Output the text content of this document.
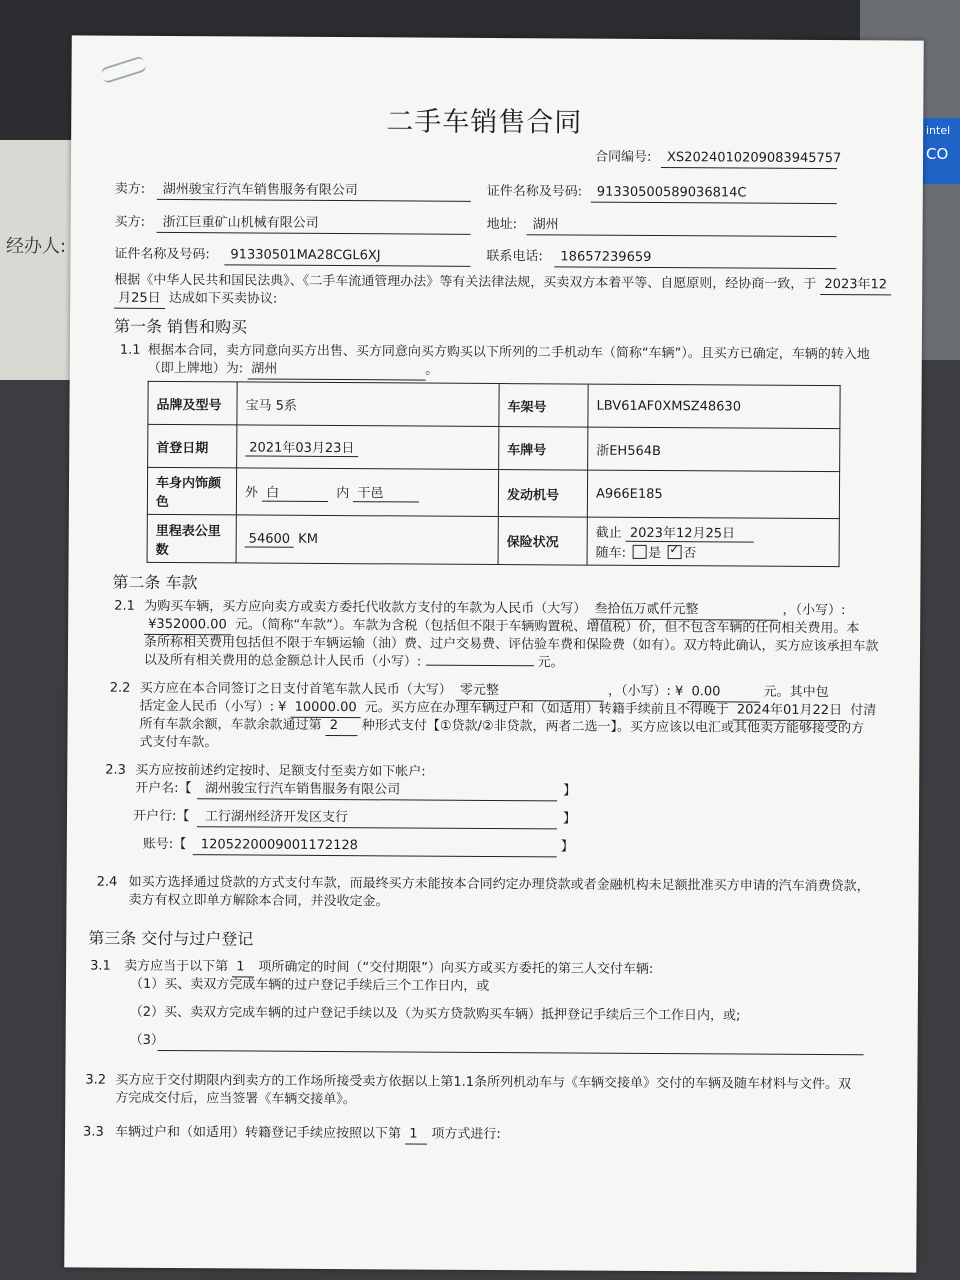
intel
CO
经办人:
二手车销售合同
合同编号: XS2024010209083945757
卖方: 湖州骏宝行汽车销售服务有限公司	证件名称及号码: 91330500589036814C
买方: 浙江巨重矿山机械有限公司	地址: 湖州
证件名称及号码: 91330501MA28CGL6XJ	联系电话: 18657239659
根据《中华人民共和国民法典》、《二手车流通管理办法》等有关法律法规，买卖双方本着平等、自愿原则，经协商一致，于 2023年12
月25日 达成如下买卖协议:
第一条 销售和购买
1.1 根据本合同，卖方同意向买方出售、买方同意向买方购买以下所列的二手机动车（简称“车辆”）。且买方已确定，车辆的转入地
（即上牌地）为: 湖州	。
品牌及型号	宝马 5系	车架号	LBV61AF0XMSZ48630
首登日期	2021年03月23日	车牌号	浙EH564B
车身内饰颜
色	外 白 内 干邑	发动机号	A966E185
里程表公里
数	54600 KM	保险状况	截止 2023年12月25日
随车: 是 ✓ 否
第二条 车款
2.1 为购买车辆，买方应向卖方或卖方委托代收款方支付的车款为人民币（大写） 叁拾伍万贰仟元整	，（小写）:
¥352000.00 元。（简称“车款”）。车款为含税（包括但不限于车辆购置税、增值税）价，但不包含车辆的任何相关费用。本
条所称相关费用包括但不限于车辆运输（油）费、过户交易费、评估验车费和保险费（如有）。双方特此确认，买方应该承担车款
以及所有相关费用的总金额总计人民币（小写）:	元。
2.2 买方应在本合同签订之日支付首笔车款人民币（大写） 零元整	，（小写）: ¥ 0.00	元。其中包
括定金人民币（小写）: ¥ 10000.00 元。买方应在办理车辆过户和（如适用）转籍手续前且不得晚于 2024年01月22日 付清
所有车款余额，车款余款通过第 2 种形式支付【①贷款/②非贷款，两者二选一】。买方应该以电汇或其他卖方能够接受的方
式支付车款。
2.3 买方应按前述约定按时、足额支付至卖方如下帐户:
开户名:【 湖州骏宝行汽车销售服务有限公司	】
开户行:【 工行湖州经济开发区支行	】
账号:【 1205220009001172128	】
2.4 如买方选择通过贷款的方式支付车款，而最终买方未能按本合同约定办理贷款或者金融机构未足额批准买方申请的汽车消费贷款，
卖方有权立即单方解除本合同，并没收定金。
第三条 交付与过户登记
3.1 卖方应当于以下第 1 项所确定的时间（“交付期限”）向买方或买方委托的第三人交付车辆:
（1）买、卖双方完成车辆的过户登记手续后三个工作日内，或
（2）买、卖双方完成车辆的过户登记手续以及（为买方贷款购买车辆）抵押登记手续后三个工作日内，或;
（3）
3.2 买方应于交付期限内到卖方的工作场所接受卖方依据以上第1.1条所列机动车与《车辆交接单》交付的车辆及随车材料与文件。双
方完成交付后，应当签署《车辆交接单》。
3.3 车辆过户和（如适用）转籍登记手续应按照以下第 1 项方式进行:
